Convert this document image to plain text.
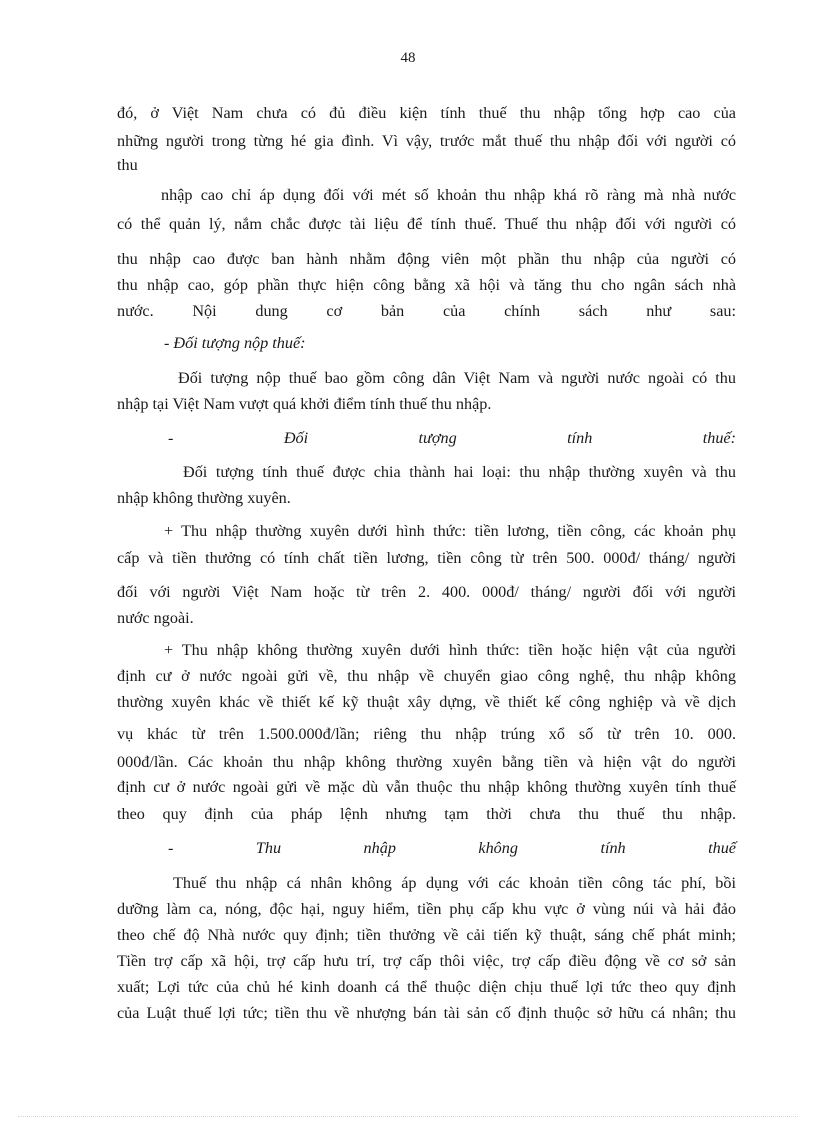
48
đó, ở Việt Nam chưa có đủ điều kiện tính thuế thu nhập tổng hợp cao của
những người trong từng hé gia đình. Vì vậy, trước mắt thuế thu nhập đối với người có
thu
nhập cao chỉ áp dụng đối với mét số khoản thu nhập khá rõ ràng mà nhà nước
có thể quản lý, nắm chắc được tài liệu để tính thuế. Thuế thu nhập đối với người có
thu nhập cao được ban hành nhằm động viên một phần thu nhập của người có
thu nhập cao, góp phần thực hiện công bằng xã hội và tăng thu cho ngân sách nhà
nước. Nội dung cơ bản của chính sách như sau:
- Đối tượng nộp thuế:
Đối tượng nộp thuế bao gồm công dân Việt Nam và người nước ngoài có thu
nhập tại Việt Nam vượt quá khởi điểm tính thuế thu nhập.
- Đối tượng tính thuế:
Đối tượng tính thuế được chia thành hai loại: thu nhập thường xuyên và thu
nhập không thường xuyên.
+ Thu nhập thường xuyên dưới hình thức: tiền lương, tiền công, các khoản phụ
cấp và tiền thưởng có tính chất tiền lương, tiền công từ trên 500. 000đ/ tháng/ người
đối với người Việt Nam hoặc từ trên 2. 400. 000đ/ tháng/ người đối với người
nước ngoài.
+ Thu nhập không thường xuyên dưới hình thức: tiền hoặc hiện vật của người
định cư ở nước ngoài gửi về, thu nhập về chuyển giao công nghệ, thu nhập không
thường xuyên khác về thiết kế kỹ thuật xây dựng, về thiết kế công nghiệp và về dịch
vụ khác từ trên 1.500.000đ/lần; riêng thu nhập trúng xổ số từ trên 10. 000.
000đ/lần. Các khoản thu nhập không thường xuyên bằng tiền và hiện vật do người
định cư ở nước ngoài gửi về mặc dù vẫn thuộc thu nhập không thường xuyên tính thuế
theo quy định của pháp lệnh nhưng tạm thời chưa thu thuế thu nhập.
- Thu nhập không tính thuế
Thuế thu nhập cá nhân không áp dụng với các khoản tiền công tác phí, bồi
dưỡng làm ca, nóng, độc hại, nguy hiểm, tiền phụ cấp khu vực ở vùng núi và hải đảo
theo chế độ Nhà nước quy định; tiền thưởng về cải tiến kỹ thuật, sáng chế phát minh;
Tiền trợ cấp xã hội, trợ cấp hưu trí, trợ cấp thôi việc, trợ cấp điều động về cơ sở sản
xuất; Lợi tức của chủ hé kinh doanh cá thể thuộc diện chịu thuế lợi tức theo quy định
của Luật thuế lợi tức; tiền thu về nhượng bán tài sản cố định thuộc sở hữu cá nhân; thu
